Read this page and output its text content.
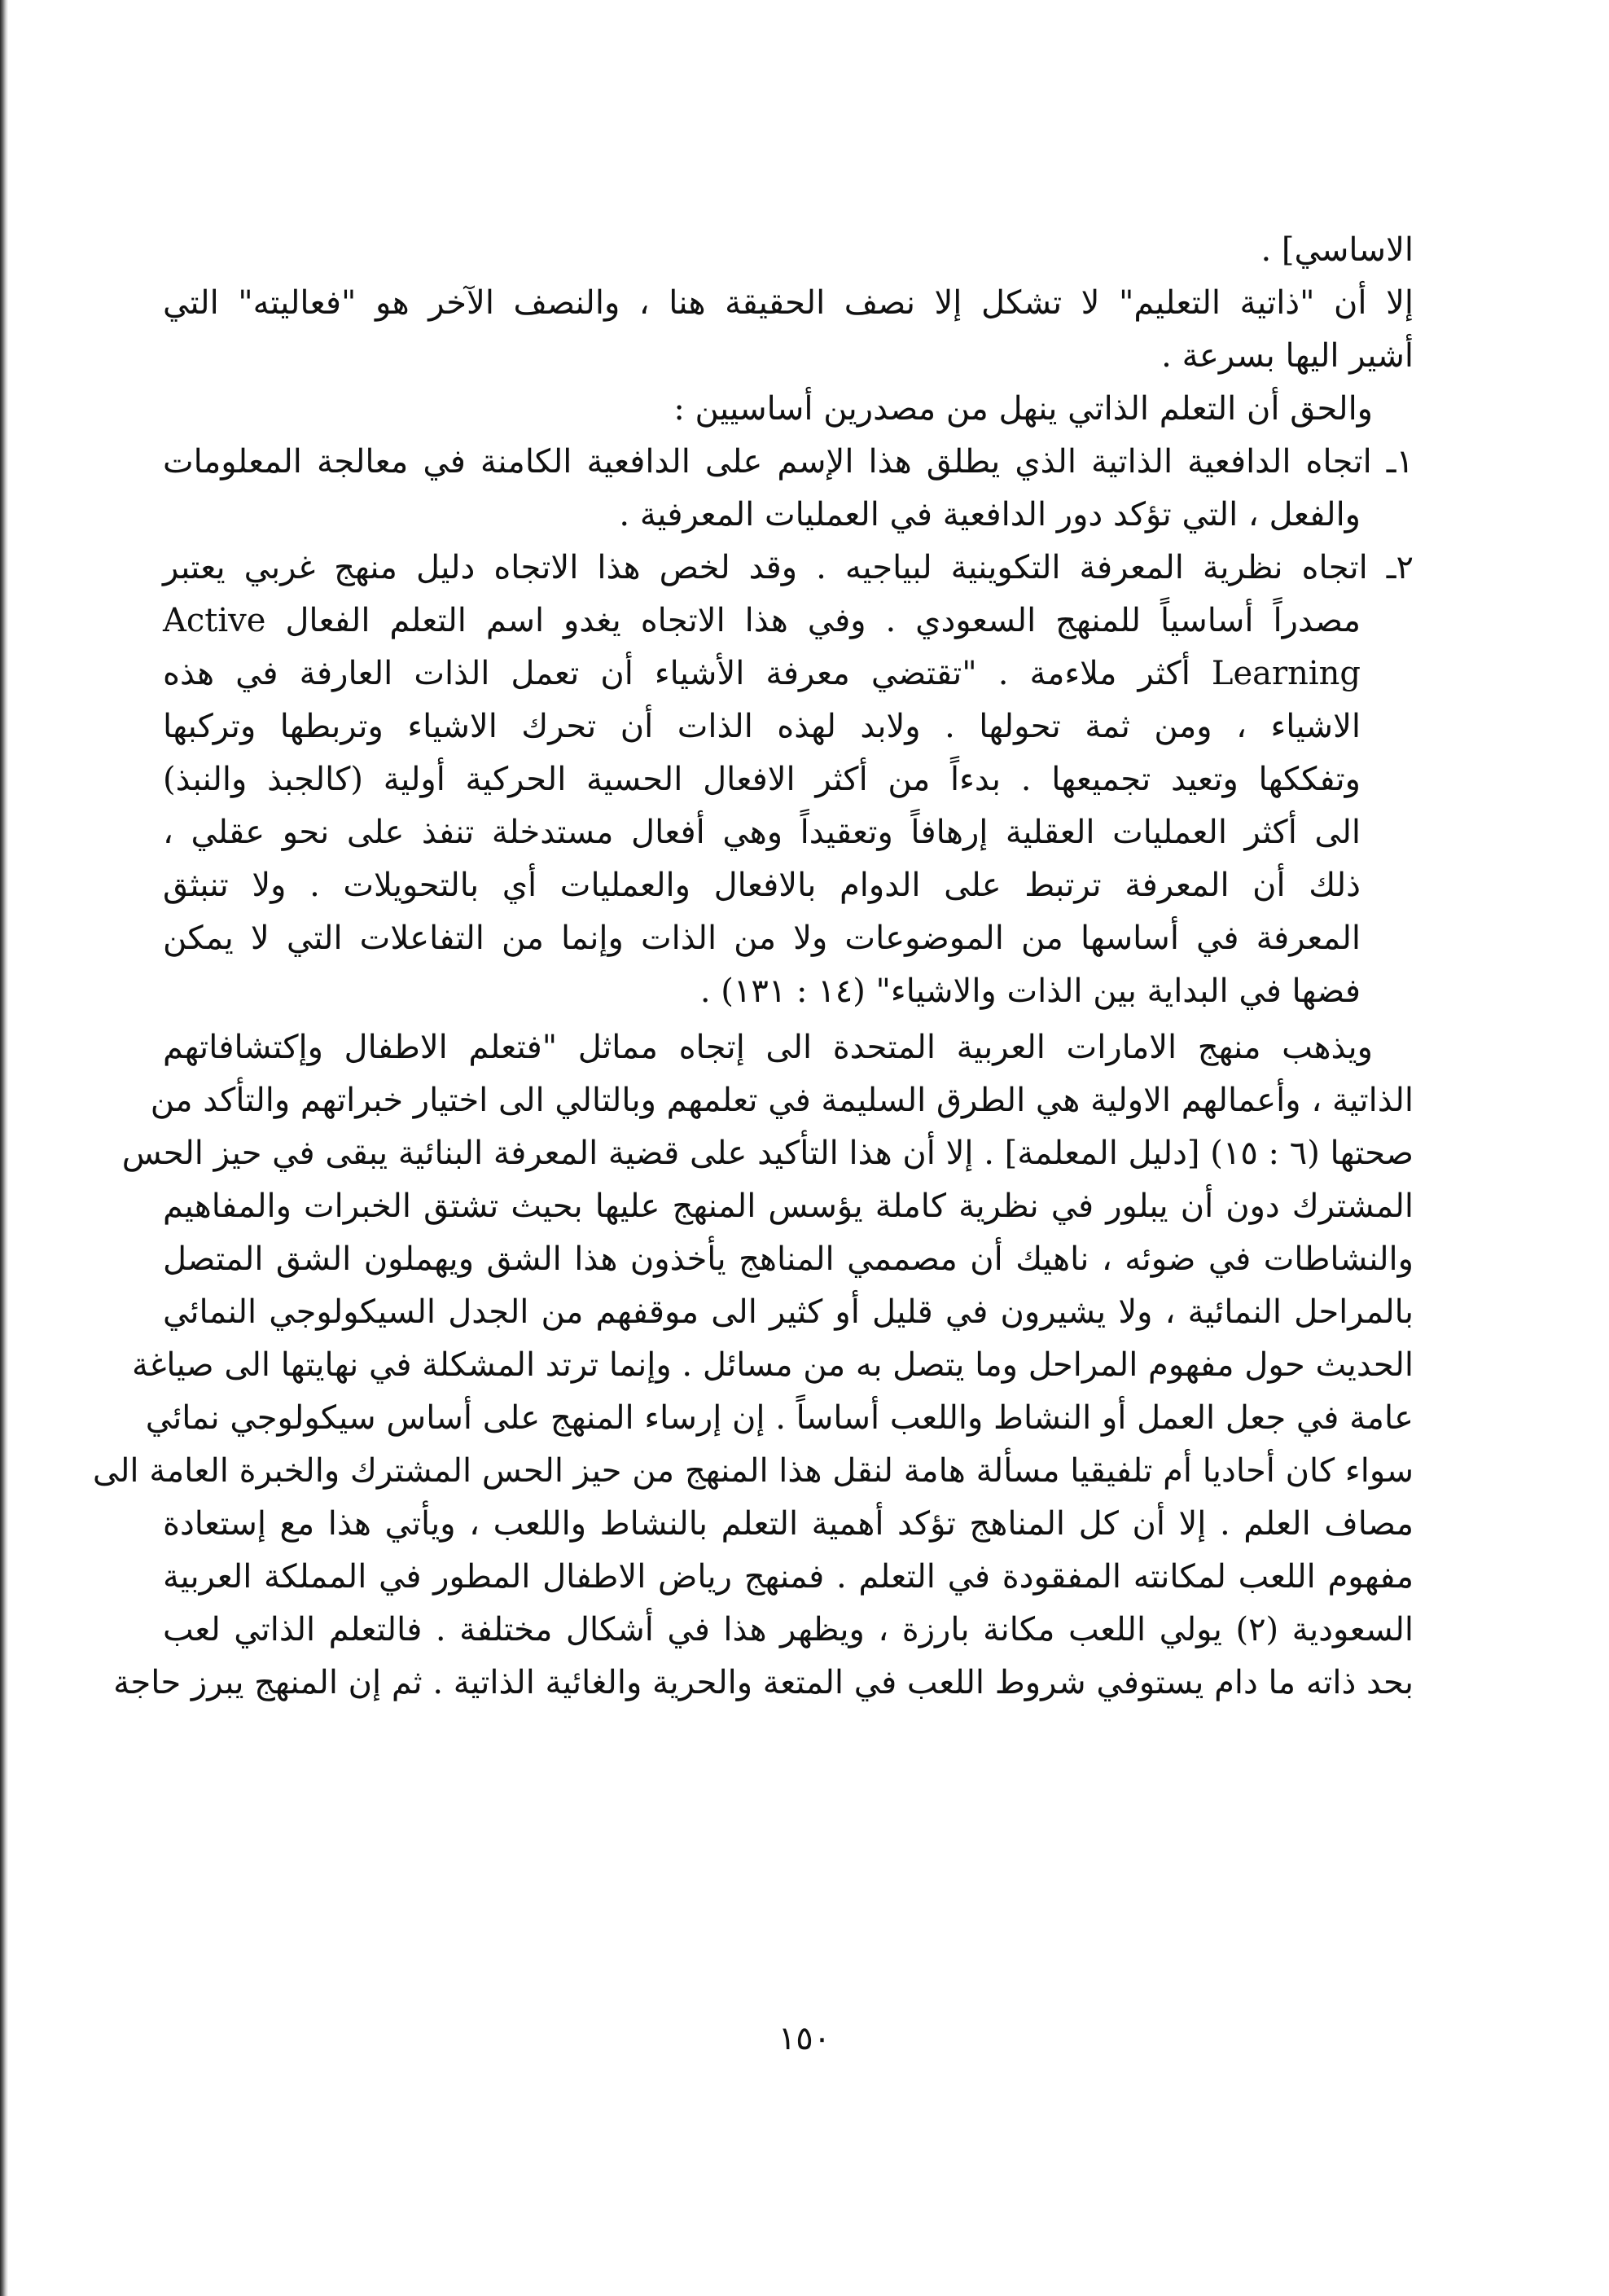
الاساسي] .
إلا أن "ذاتية التعليم" لا تشكل إلا نصف الحقيقة هنا ، والنصف الآخر هو "فعاليته" التي
أشير اليها بسرعة .
والحق أن التعلم الذاتي ينهل من مصدرين أساسيين :
١ـ اتجاه الدافعية الذاتية الذي يطلق هذا الإسم على الدافعية الكامنة في معالجة المعلومات
والفعل ، التي تؤكد دور الدافعية في العمليات المعرفية .
٢ـ اتجاه نظرية المعرفة التكوينية لبياجيه . وقد لخص هذا الاتجاه دليل منهج غربي يعتبر
مصدراً أساسياً للمنهج السعودي . وفي هذا الاتجاه يغدو اسم التعلم الفعال Active
Learning أكثر ملاءمة . "تقتضي معرفة الأشياء أن تعمل الذات العارفة في هذه
الاشياء ، ومن ثمة تحولها . ولابد لهذه الذات أن تحرك الاشياء وتربطها وتركبها
وتفككها وتعيد تجميعها . بدءاً من أكثر الافعال الحسية الحركية أولية (كالجبذ والنبذ)
الى أكثر العمليات العقلية إرهافاً وتعقيداً وهي أفعال مستدخلة تنفذ على نحو عقلي ،
ذلك أن المعرفة ترتبط على الدوام بالافعال والعمليات أي بالتحويلات . ولا تنبثق
المعرفة في أساسها من الموضوعات ولا من الذات وإنما من التفاعلات التي لا يمكن
فضها في البداية بين الذات والاشياء" (١٤ : ١٣١) .
ويذهب منهج الامارات العربية المتحدة الى إتجاه مماثل "فتعلم الاطفال وإكتشافاتهم
الذاتية ، وأعمالهم الاولية هي الطرق السليمة في تعلمهم وبالتالي الى اختيار خبراتهم والتأكد من
صحتها (٦ : ١٥) [دليل المعلمة] . إلا أن هذا التأكيد على قضية المعرفة البنائية يبقى في حيز الحس
المشترك دون أن يبلور في نظرية كاملة يؤسس المنهج عليها بحيث تشتق الخبرات والمفاهيم
والنشاطات في ضوئه ، ناهيك أن مصممي المناهج يأخذون هذا الشق ويهملون الشق المتصل
بالمراحل النمائية ، ولا يشيرون في قليل أو كثير الى موقفهم من الجدل السيكولوجي النمائي
الحديث حول مفهوم المراحل وما يتصل به من مسائل . وإنما ترتد المشكلة في نهايتها الى صياغة
عامة في جعل العمل أو النشاط واللعب أساساً . إن إرساء المنهج على أساس سيكولوجي نمائي
سواء كان أحاديا أم تلفيقيا مسألة هامة لنقل هذا المنهج من حيز الحس المشترك والخبرة العامة الى
مصاف العلم . إلا أن كل المناهج تؤكد أهمية التعلم بالنشاط واللعب ، ويأتي هذا مع إستعادة
مفهوم اللعب لمكانته المفقودة في التعلم . فمنهج رياض الاطفال المطور في المملكة العربية
السعودية (٢) يولي اللعب مكانة بارزة ، ويظهر هذا في أشكال مختلفة . فالتعلم الذاتي لعب
بحد ذاته ما دام يستوفي شروط اللعب في المتعة والحرية والغائية الذاتية . ثم إن المنهج يبرز حاجة
١٥٠
